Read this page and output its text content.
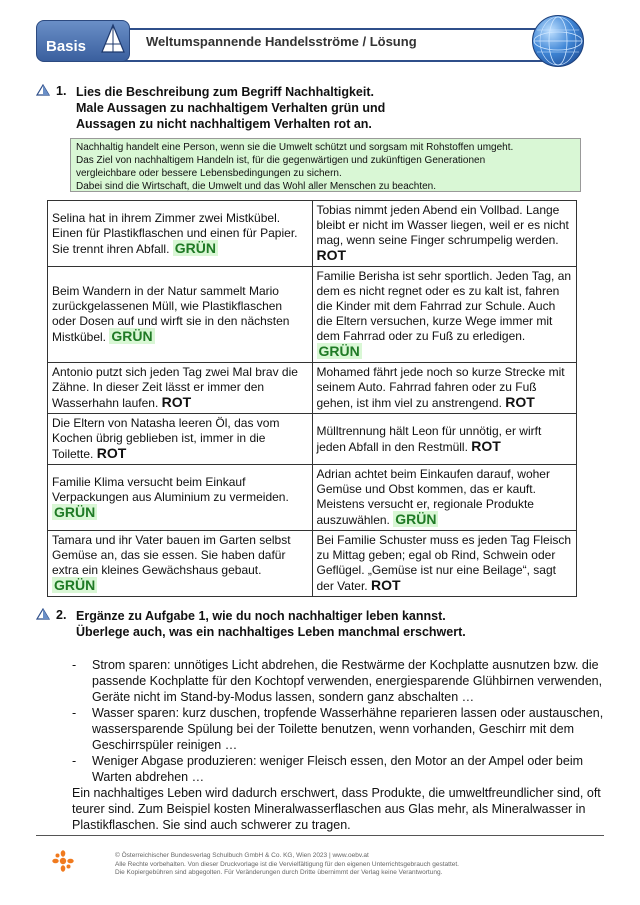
Basis	Weltumspannende Handelsströme / Lösung
1. Lies die Beschreibung zum Begriff Nachhaltigkeit.
Male Aussagen zu nachhaltigem Verhalten grün und
Aussagen zu nicht nachhaltigem Verhalten rot an.
Nachhaltig handelt eine Person, wenn sie die Umwelt schützt und sorgsam mit Rohstoffen umgeht.
Das Ziel von nachhaltigem Handeln ist, für die gegenwärtigen und zukünftigen Generationen
vergleichbare oder bessere Lebensbedingungen zu sichern.
Dabei sind die Wirtschaft, die Umwelt und das Wohl aller Menschen zu beachten.
Selina hat in ihrem Zimmer zwei Mistkübel. Einen für Plastikflaschen und einen für Papier. Sie trennt ihren Abfall. GRÜN	Tobias nimmt jeden Abend ein Vollbad. Lange bleibt er nicht im Wasser liegen, weil er es nicht mag, wenn seine Finger schrumpelig werden. ROT
Beim Wandern in der Natur sammelt Mario zurückgelassenen Müll, wie Plastikflaschen oder Dosen auf und wirft sie in den nächsten Mistkübel. GRÜN	Familie Berisha ist sehr sportlich. Jeden Tag, an dem es nicht regnet oder es zu kalt ist, fahren die Kinder mit dem Fahrrad zur Schule. Auch die Eltern versuchen, kurze Wege immer mit dem Fahrrad oder zu Fuß zu erledigen. GRÜN
Antonio putzt sich jeden Tag zwei Mal brav die Zähne. In dieser Zeit lässt er immer den Wasserhahn laufen. ROT	Mohamed fährt jede noch so kurze Strecke mit seinem Auto. Fahrrad fahren oder zu Fuß gehen, ist ihm viel zu anstrengend. ROT
Die Eltern von Natasha leeren Öl, das vom Kochen übrig geblieben ist, immer in die Toilette. ROT	Mülltrennung hält Leon für unnötig, er wirft jeden Abfall in den Restmüll. ROT
Familie Klima versucht beim Einkauf Verpackungen aus Aluminium zu vermeiden. GRÜN	Adrian achtet beim Einkaufen darauf, woher Gemüse und Obst kommen, das er kauft. Meistens versucht er, regionale Produkte auszuwählen. GRÜN
Tamara und ihr Vater bauen im Garten selbst Gemüse an, das sie essen. Sie haben dafür extra ein kleines Gewächshaus gebaut. GRÜN	Bei Familie Schuster muss es jeden Tag Fleisch zu Mittag geben; egal ob Rind, Schwein oder Geflügel. „Gemüse ist nur eine Beilage“, sagt der Vater. ROT
2. Ergänze zu Aufgabe 1, wie du noch nachhaltiger leben kannst.
Überlege auch, was ein nachhaltiges Leben manchmal erschwert.
- Strom sparen: unnötiges Licht abdrehen, die Restwärme der Kochplatte ausnutzen bzw. die passende Kochplatte für den Kochtopf verwenden, energiesparende Glühbirnen verwenden, Geräte nicht im Stand-by-Modus lassen, sondern ganz abschalten …
- Wasser sparen: kurz duschen, tropfende Wasserhähne reparieren lassen oder austauschen, wassersparende Spülung bei der Toilette benutzen, wenn vorhanden, Geschirr mit dem Geschirrspüler reinigen …
- Weniger Abgase produzieren: weniger Fleisch essen, den Motor an der Ampel oder beim Warten abdrehen …
Ein nachhaltiges Leben wird dadurch erschwert, dass Produkte, die umweltfreundlicher sind, oft teurer sind. Zum Beispiel kosten Mineralwasserflaschen aus Glas mehr, als Mineralwasser in Plastikflaschen. Sie sind auch schwerer zu tragen.
© Österreichischer Bundesverlag Schulbuch GmbH & Co. KG, Wien 2023 | www.oebv.at
Alle Rechte vorbehalten. Von dieser Druckvorlage ist die Vervielfältigung für den eigenen Unterrichtsgebrauch gestattet.
Die Kopiergebühren sind abgegolten. Für Veränderungen durch Dritte übernimmt der Verlag keine Verantwortung.
